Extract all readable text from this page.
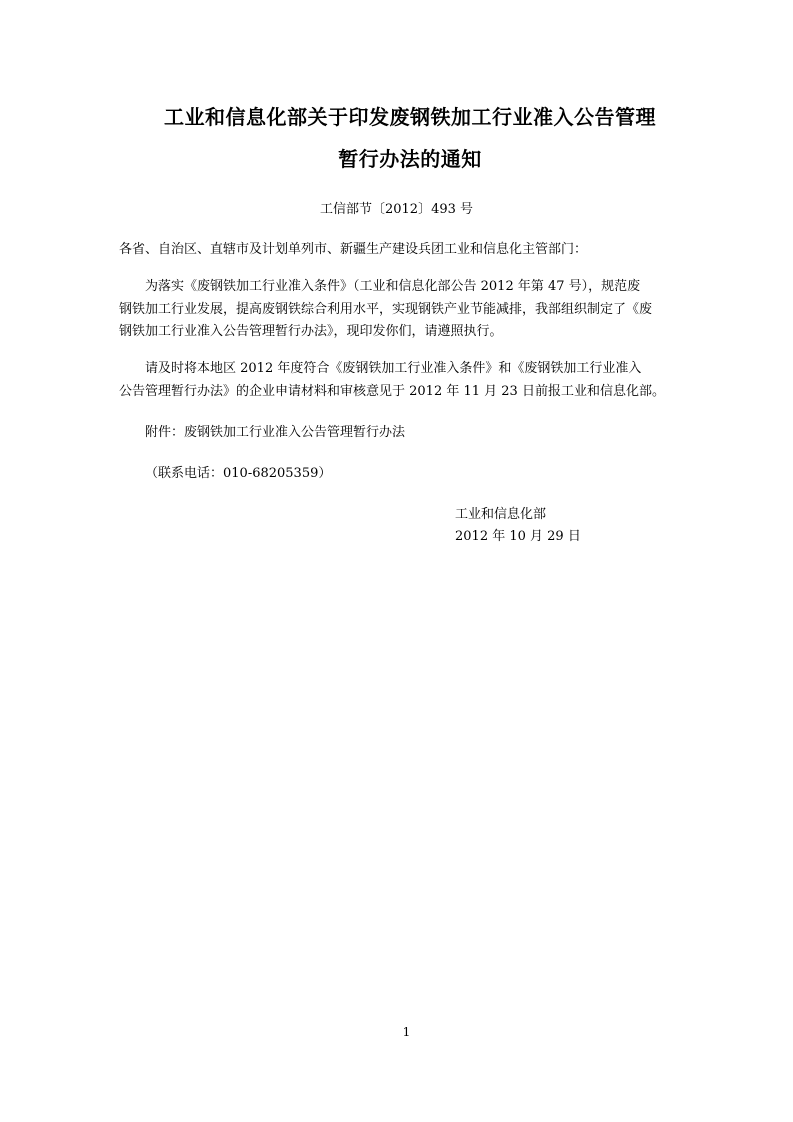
工业和信息化部关于印发废钢铁加工行业准入公告管理
暂行办法的通知
工信部节〔2012〕493 号
各省、自治区、直辖市及计划单列市、新疆生产建设兵团工业和信息化主管部门：
为落实《废钢铁加工行业准入条件》（工业和信息化部公告 2012 年第 47 号），规范废
钢铁加工行业发展，提高废钢铁综合利用水平，实现钢铁产业节能减排，我部组织制定了《废
钢铁加工行业准入公告管理暂行办法》，现印发你们，请遵照执行。
请及时将本地区 2012 年度符合《废钢铁加工行业准入条件》和《废钢铁加工行业准入
公告管理暂行办法》的企业申请材料和审核意见于 2012 年 11 月 23 日前报工业和信息化部。
附件：废钢铁加工行业准入公告管理暂行办法
（联系电话：010-68205359）
工业和信息化部
2012 年 10 月 29 日
1
